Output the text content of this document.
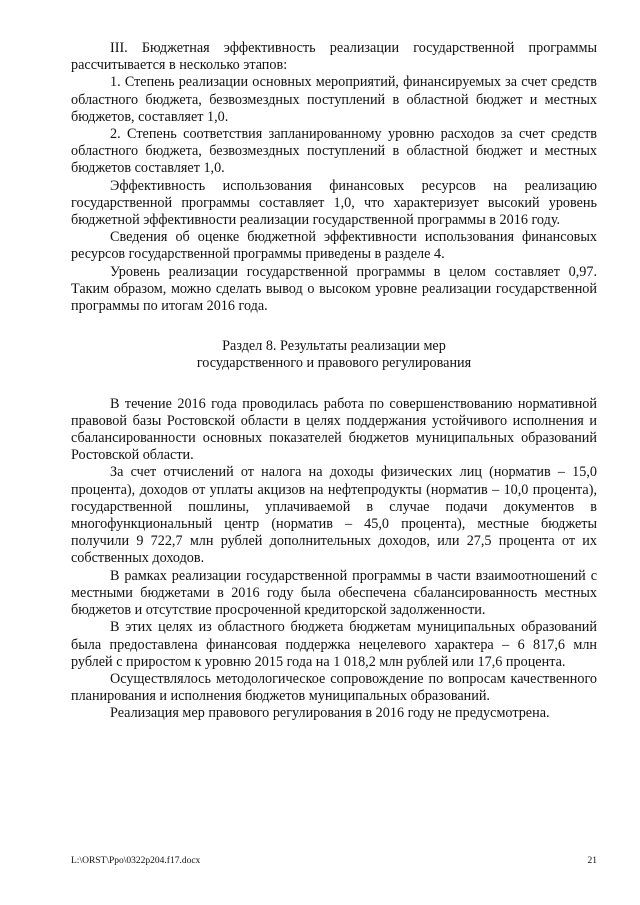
III. Бюджетная эффективность реализации государственной программы рассчитывается в несколько этапов:

1. Степень реализации основных мероприятий, финансируемых за счет средств областного бюджета, безвозмездных поступлений в областной бюджет и местных бюджетов, составляет 1,0.

2. Степень соответствия запланированному уровню расходов за счет средств областного бюджета, безвозмездных поступлений в областной бюджет и местных бюджетов составляет 1,0.

Эффективность использования финансовых ресурсов на реализацию государственной программы составляет 1,0, что характеризует высокий уровень бюджетной эффективности реализации государственной программы в 2016 году.

Сведения об оценке бюджетной эффективности использования финансовых ресурсов государственной программы приведены в разделе 4.

Уровень реализации государственной программы в целом составляет 0,97. Таким образом, можно сделать вывод о высоком уровне реализации государственной программы по итогам 2016 года.

Раздел 8. Результаты реализации мер
государственного и правового регулирования

В течение 2016 года проводилась работа по совершенствованию нормативной правовой базы Ростовской области в целях поддержания устойчивого исполнения и сбалансированности основных показателей бюджетов муниципальных образований Ростовской области.

За счет отчислений от налога на доходы физических лиц (норматив – 15,0 процента), доходов от уплаты акцизов на нефтепродукты (норматив – 10,0 процента), государственной пошлины, уплачиваемой в случае подачи документов в многофункциональный центр (норматив – 45,0 процента), местные бюджеты получили 9 722,7 млн рублей дополнительных доходов, или 27,5 процента от их собственных доходов.

В рамках реализации государственной программы в части взаимоотношений с местными бюджетами в 2016 году была обеспечена сбалансированность местных бюджетов и отсутствие просроченной кредиторской задолженности.

В этих целях из областного бюджета бюджетам муниципальных образований была предоставлена финансовая поддержка нецелевого характера – 6 817,6 млн рублей с приростом к уровню 2015 года на 1 018,2 млн рублей или 17,6 процента.

Осуществлялось методологическое сопровождение по вопросам качественного планирования и исполнения бюджетов муниципальных образований.

Реализация мер правового регулирования в 2016 году не предусмотрена.

L:\ORST\Ppo\0322p204.f17.docx	21
